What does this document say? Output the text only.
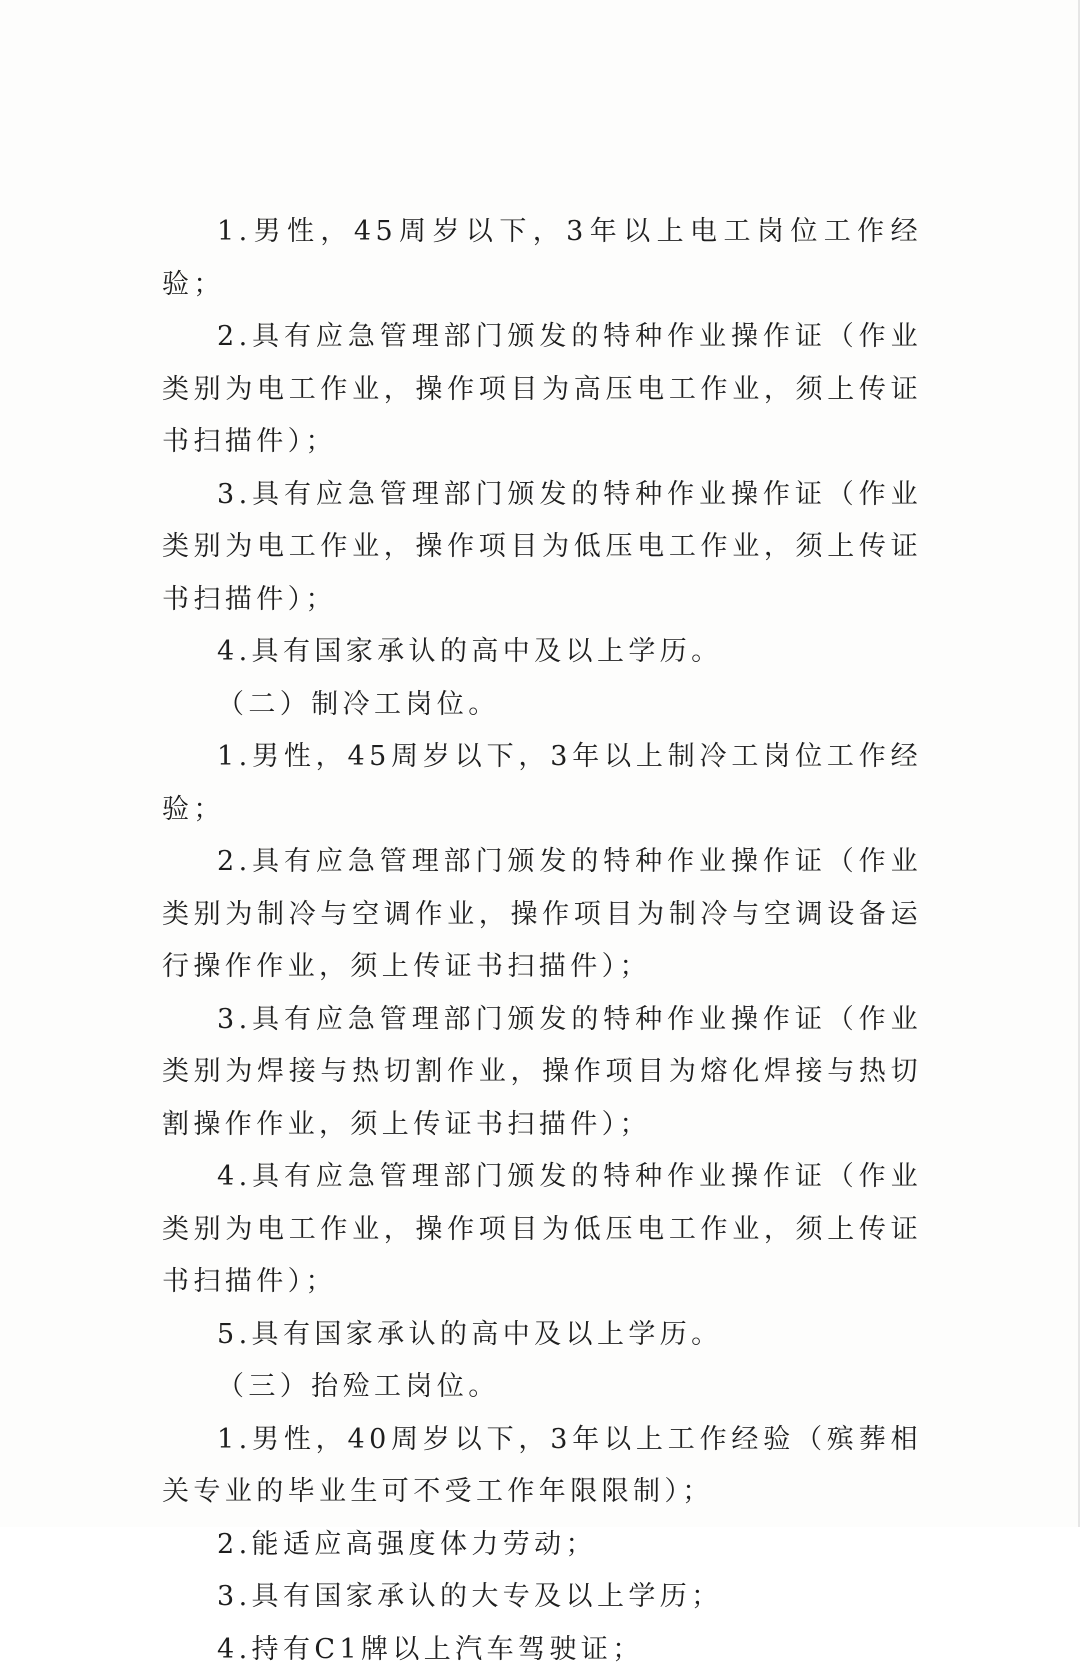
1.男性，45周岁以下，3年以上电工岗位工作经验；

2.具有应急管理部门颁发的特种作业操作证（作业类别为电工作业，操作项目为高压电工作业，须上传证书扫描件）；

3.具有应急管理部门颁发的特种作业操作证（作业类别为电工作业，操作项目为低压电工作业，须上传证书扫描件）；

4.具有国家承认的高中及以上学历。

（二）制冷工岗位。

1.男性，45周岁以下，3年以上制冷工岗位工作经验；

2.具有应急管理部门颁发的特种作业操作证（作业类别为制冷与空调作业，操作项目为制冷与空调设备运行操作作业，须上传证书扫描件）；

3.具有应急管理部门颁发的特种作业操作证（作业类别为焊接与热切割作业，操作项目为熔化焊接与热切割操作作业，须上传证书扫描件）；

4.具有应急管理部门颁发的特种作业操作证（作业类别为电工作业，操作项目为低压电工作业，须上传证书扫描件）；

5.具有国家承认的高中及以上学历。

（三）抬殓工岗位。

1.男性，40周岁以下，3年以上工作经验（殡葬相关专业的毕业生可不受工作年限限制）；

2.能适应高强度体力劳动；

3.具有国家承认的大专及以上学历；

4.持有C1牌以上汽车驾驶证；
